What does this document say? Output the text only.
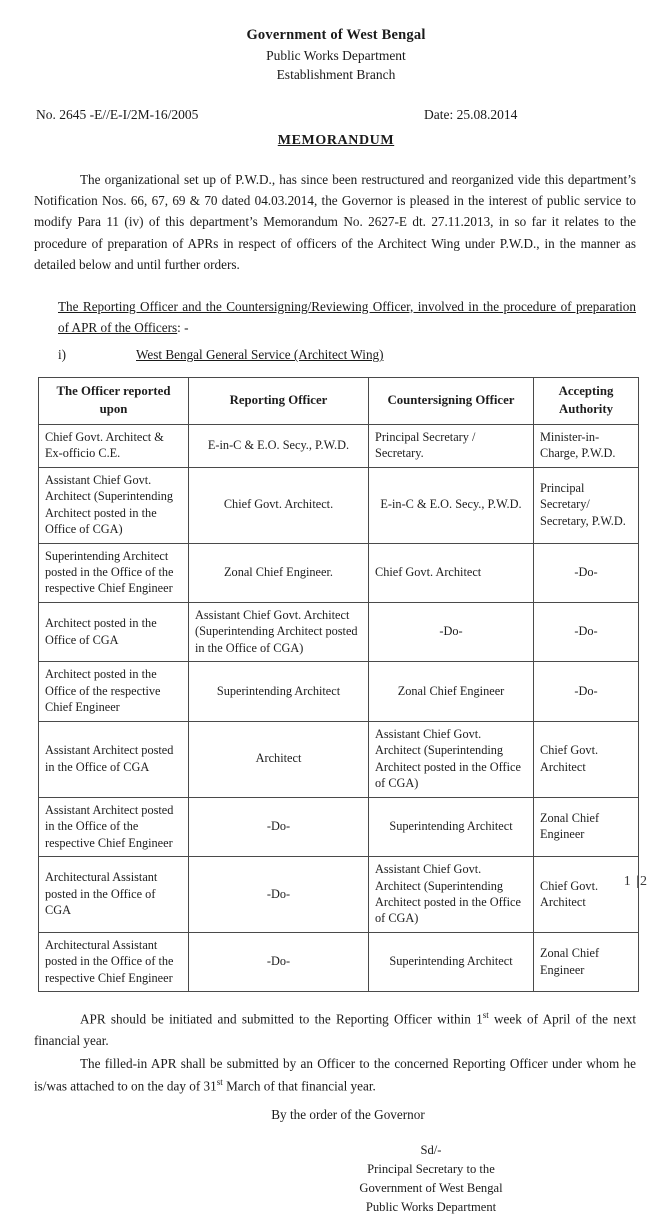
Government of West Bengal
Public Works Department
Establishment Branch
No. 2645 -E//E-I/2M-16/2005	Date: 25.08.2014
MEMORANDUM

The organizational set up of P.W.D., has since been restructured and reorganized vide this department’s Notification Nos. 66, 67, 69 & 70 dated 04.03.2014, the Governor is pleased in the interest of public service to modify Para 11 (iv) of this department’s Memorandum No. 2627-E dt. 27.11.2013, in so far it relates to the procedure of preparation of APRs in respect of officers of the Architect Wing under P.W.D., in the manner as detailed below and until further orders.

The Reporting Officer and the Countersigning/Reviewing Officer, involved in the procedure of preparation of APR of the Officers: -
i)	West Bengal General Service (Architect Wing)
The Officer reported upon	Reporting Officer	Countersigning Officer	Accepting Authority
Chief Govt. Architect & Ex-officio C.E.	E-in-C & E.O. Secy., P.W.D.	Principal Secretary / Secretary.	Minister-in-Charge, P.W.D.
Assistant Chief Govt. Architect (Superintending Architect posted in the Office of CGA)	Chief Govt. Architect.	E-in-C & E.O. Secy., P.W.D.	Principal Secretary/ Secretary, P.W.D.
Superintending Architect posted in the Office of the respective Chief Engineer	Zonal Chief Engineer.	Chief Govt. Architect	-Do-
Architect posted in the Office of CGA	Assistant Chief Govt. Architect (Superintending Architect posted in the Office of CGA)	-Do-	-Do-
Architect posted in the Office of the respective Chief Engineer	Superintending Architect	Zonal Chief Engineer	-Do-
Assistant Architect posted in the Office of CGA	Architect	Assistant Chief Govt. Architect (Superintending Architect posted in the Office of CGA)	Chief Govt. Architect
Assistant Architect posted in the Office of the respective Chief Engineer	-Do-	Superintending Architect	Zonal Chief Engineer
Architectural Assistant posted in the Office of CGA	-Do-	Assistant Chief Govt. Architect (Superintending Architect posted in the Office of CGA)	Chief Govt. Architect
Architectural Assistant posted in the Office of the respective Chief Engineer	-Do-	Superintending Architect	Zonal Chief Engineer

APR should be initiated and submitted to the Reporting Officer within 1st week of April of the next financial year.

The filled-in APR shall be submitted by an Officer to the concerned Reporting Officer under whom he is/was attached to on the day of 31st March of that financial year.

By the order of the Governor
Sd/-
Principal Secretary to the
Government of West Bengal
Public Works Department
1 |2
